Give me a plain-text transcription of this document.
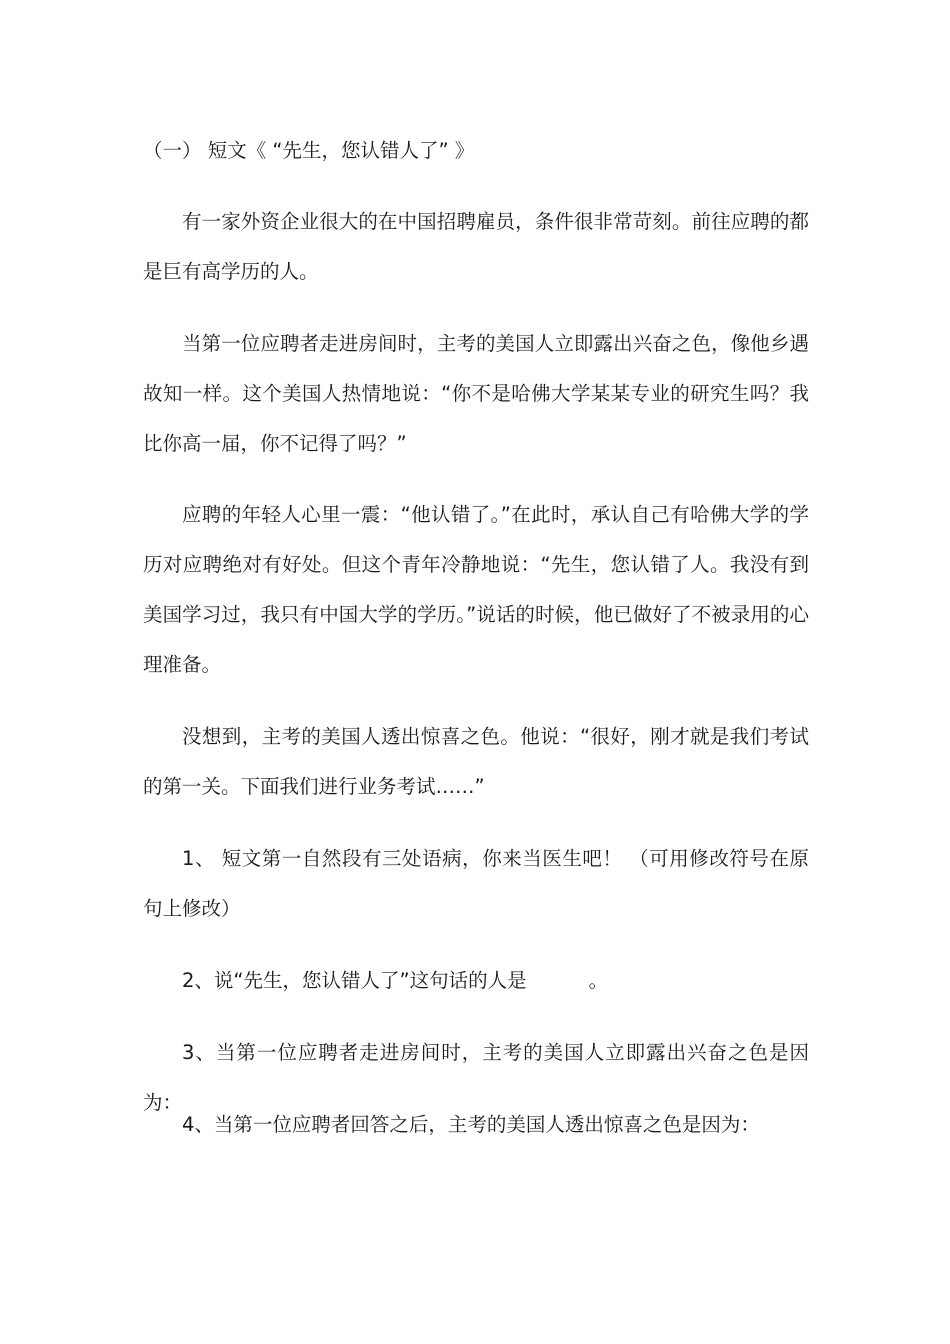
（一） 短文《 “先生，您认错人了” 》

有一家外资企业很大的在中国招聘雇员，条件很非常苛刻。前往应聘的都是巨有高学历的人。

当第一位应聘者走进房间时，主考的美国人立即露出兴奋之色，像他乡遇故知一样。这个美国人热情地说：“你不是哈佛大学某某专业的研究生吗？我比你高一届，你不记得了吗？”

应聘的年轻人心里一震：“他认错了。”在此时，承认自己有哈佛大学的学历对应聘绝对有好处。但这个青年冷静地说：“先生，您认错了人。我没有到美国学习过，我只有中国大学的学历。”说话的时候，他已做好了不被录用的心理准备。

没想到，主考的美国人透出惊喜之色。他说：“很好，刚才就是我们考试的第一关。下面我们进行业务考试……”

1、 短文第一自然段有三处语病，你来当医生吧！ （可用修改符号在原句上修改）

2、说“先生，您认错人了”这句话的人是	。

3、当第一位应聘者走进房间时，主考的美国人立即露出兴奋之色是因为：

4、当第一位应聘者回答之后，主考的美国人透出惊喜之色是因为：
